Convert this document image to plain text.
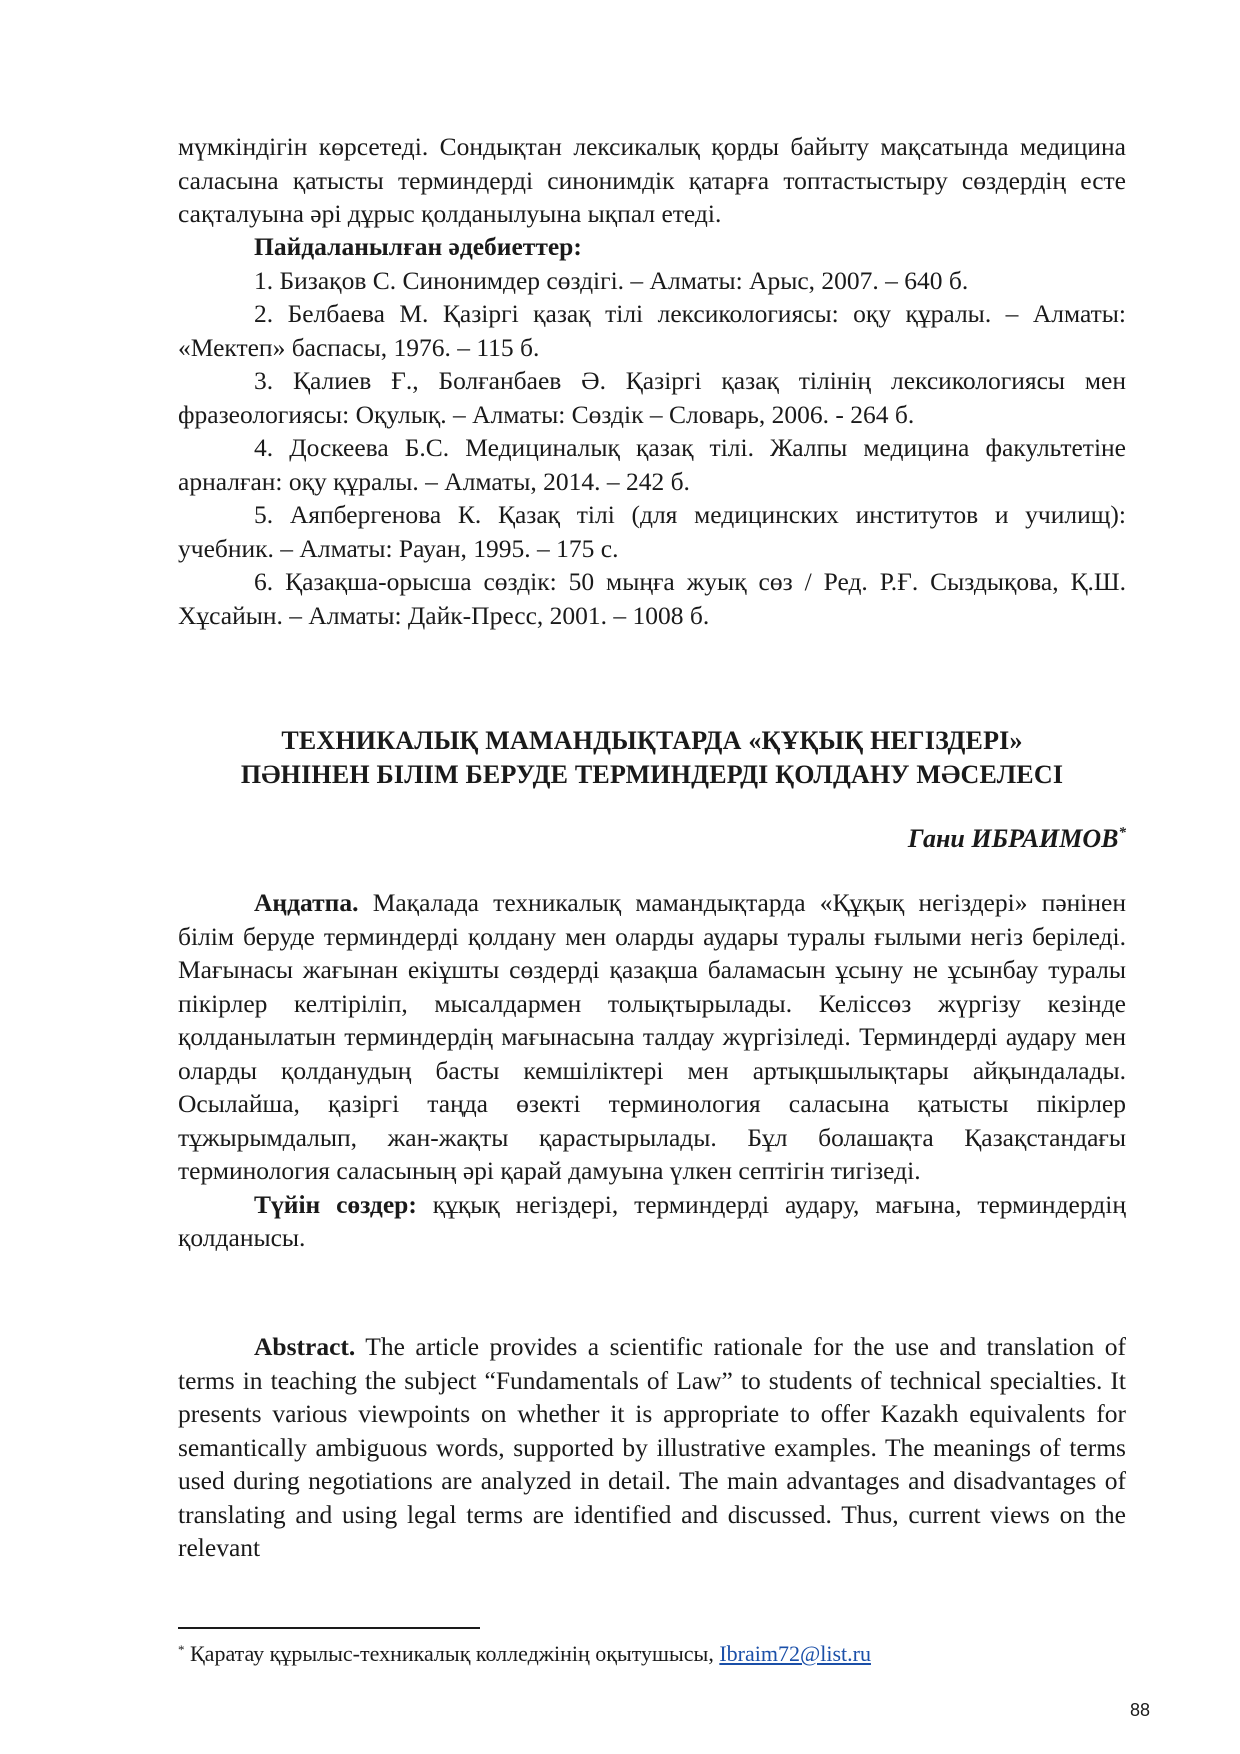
мүмкіндігін көрсетеді. Сондықтан лексикалық қорды байыту мақсатында медицина саласына қатысты терминдерді синонимдік қатарға топтастыстыру сөздердің есте сақталуына әрі дұрыс қолданылуына ықпал етеді.

Пайдаланылған әдебиеттер:

1. Бизақов С. Синонимдер сөздігі. – Алматы: Арыс, 2007. – 640 б.

2. Белбаева М. Қазіргі қазақ тілі лексикологиясы: оқу құралы. – Алматы: «Мектеп» баспасы, 1976. – 115 б.

3. Қалиев Ғ., Болғанбаев Ә. Қазіргі қазақ тілінің лексикологиясы мен фразеологиясы: Оқулық. – Алматы: Сөздік – Словарь, 2006. - 264 б.

4. Доскеева Б.С. Медициналық қазақ тілі. Жалпы медицина факультетіне арналған: оқу құралы. – Алматы, 2014. – 242 б.

5. Аяпбергенова К. Қазақ тілі (для медицинских институтов и училищ): учебник. – Алматы: Рауан, 1995. – 175 с.

6. Қазақша-орысша сөздік: 50 мыңға жуық сөз / Ред. Р.Ғ. Сыздықова, Қ.Ш. Хұсайын. – Алматы: Дайк-Пресс, 2001. – 1008 б.

ТЕХНИКАЛЫҚ МАМАНДЫҚТАРДА «ҚҰҚЫҚ НЕГІЗДЕРІ»
ПӘНІНЕН БІЛІМ БЕРУДЕ ТЕРМИНДЕРДІ ҚОЛДАНУ МӘСЕЛЕСІ
Гани ИБРАИМОВ*

Аңдатпа. Мақалада техникалық мамандықтарда «Құқық негіздері» пәнінен білім беруде терминдерді қолдану мен оларды аудары туралы ғылыми негіз беріледі. Мағынасы жағынан екіұшты сөздерді қазақша баламасын ұсыну не ұсынбау туралы пікірлер келтіріліп, мысалдармен толықтырылады. Келіссөз жүргізу кезінде қолданылатын терминдердің мағынасына талдау жүргізіледі. Терминдерді аудару мен оларды қолданудың басты кемшіліктері мен артықшылықтары айқындалады. Осылайша, қазіргі таңда өзекті терминология саласына қатысты пікірлер тұжырымдалып, жан-жақты қарастырылады. Бұл болашақта Қазақстандағы терминология саласының әрі қарай дамуына үлкен септігін тигізеді.

Түйін сөздер: құқық негіздері, терминдерді аудару, мағына, терминдердің қолданысы.

Abstract. The article provides a scientific rationale for the use and translation of terms in teaching the subject “Fundamentals of Law” to students of technical specialties. It presents various viewpoints on whether it is appropriate to offer Kazakh equivalents for semantically ambiguous words, supported by illustrative examples. The meanings of terms used during negotiations are analyzed in detail. The main advantages and disadvantages of translating and using legal terms are identified and discussed. Thus, current views on the relevant

* Қаратау құрылыс-техникалық колледжінің оқытушысы, Ibraim72@list.ru
88
